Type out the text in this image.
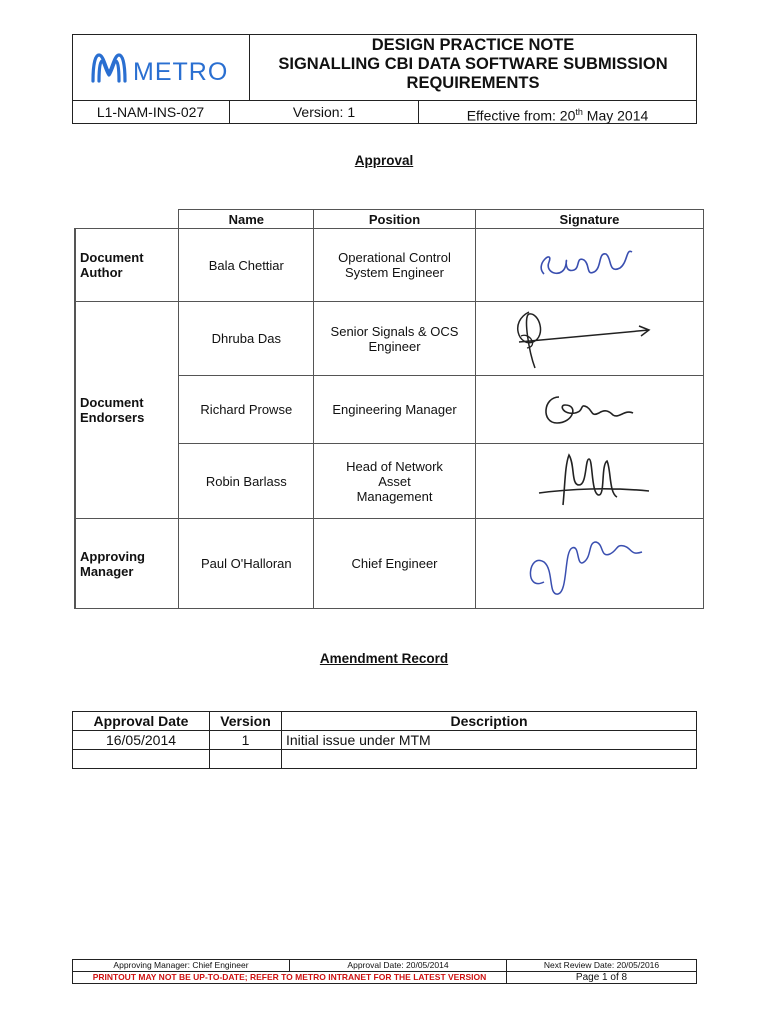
METRO
DESIGN PRACTICE NOTE
SIGNALLING CBI DATA SOFTWARE SUBMISSION
REQUIREMENTS
L1-NAM-INS-027	Version: 1	Effective from: 20th May 2014
Approval
	Name	Position	Signature
Document
Author	Bala Chettiar	Operational Control
System Engineer	
Document
Endorsers	Dhruba Das	Senior Signals & OCS
Engineer	
	Richard Prowse	Engineering Manager	
	Robin Barlass	Head of Network
Asset
Management	
Approving
Manager	Paul O'Halloran	Chief Engineer	
Amendment Record
Approval Date	Version	Description
16/05/2014	1	Initial issue under MTM

Approving Manager: Chief Engineer	Approval Date: 20/05/2014	Next Review Date: 20/05/2016
PRINTOUT MAY NOT BE UP-TO-DATE; REFER TO METRO INTRANET FOR THE LATEST VERSION		Page 1 of 8
